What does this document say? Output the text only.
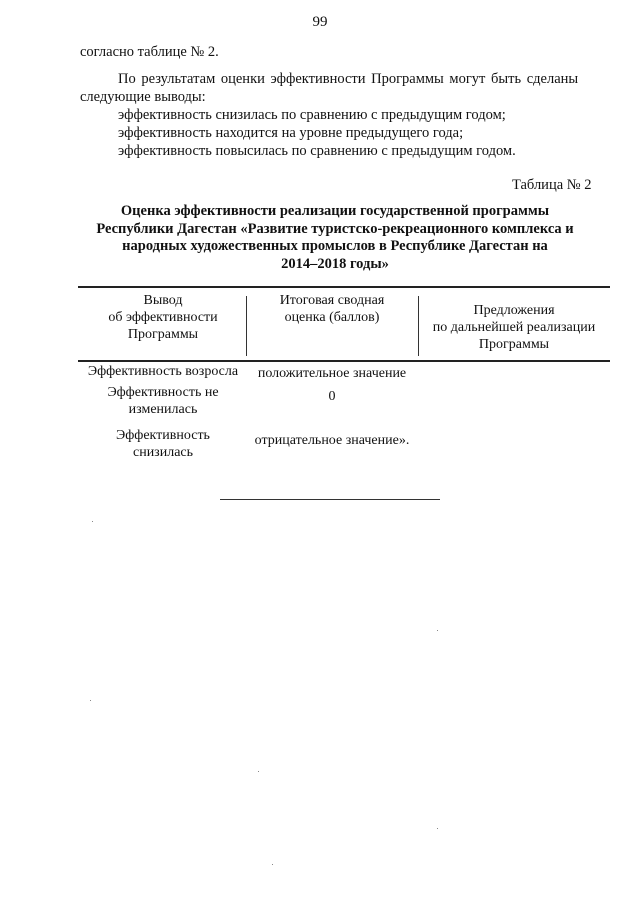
99
согласно таблице № 2.
По результатам оценки эффективности Программы могут быть сделаны
следующие выводы:
эффективность снизилась по сравнению с предыдущим годом;
эффективность находится на уровне предыдущего года;
эффективность повысилась по сравнению с предыдущим годом.
Таблица № 2
Оценка эффективности реализации государственной программы
Республики Дагестан «Развитие туристско-рекреационного комплекса и
народных художественных промыслов в Республике Дагестан на
2014–2018 годы»
Вывод
об эффективности
Программы
Итоговая сводная
оценка (баллов)	Предложения
по дальнейшей реализации
Программы
Эффективность возросла	положительное значение
Эффективность не
изменилась
0
Эффективность
снизилась
отрицательное значение».
